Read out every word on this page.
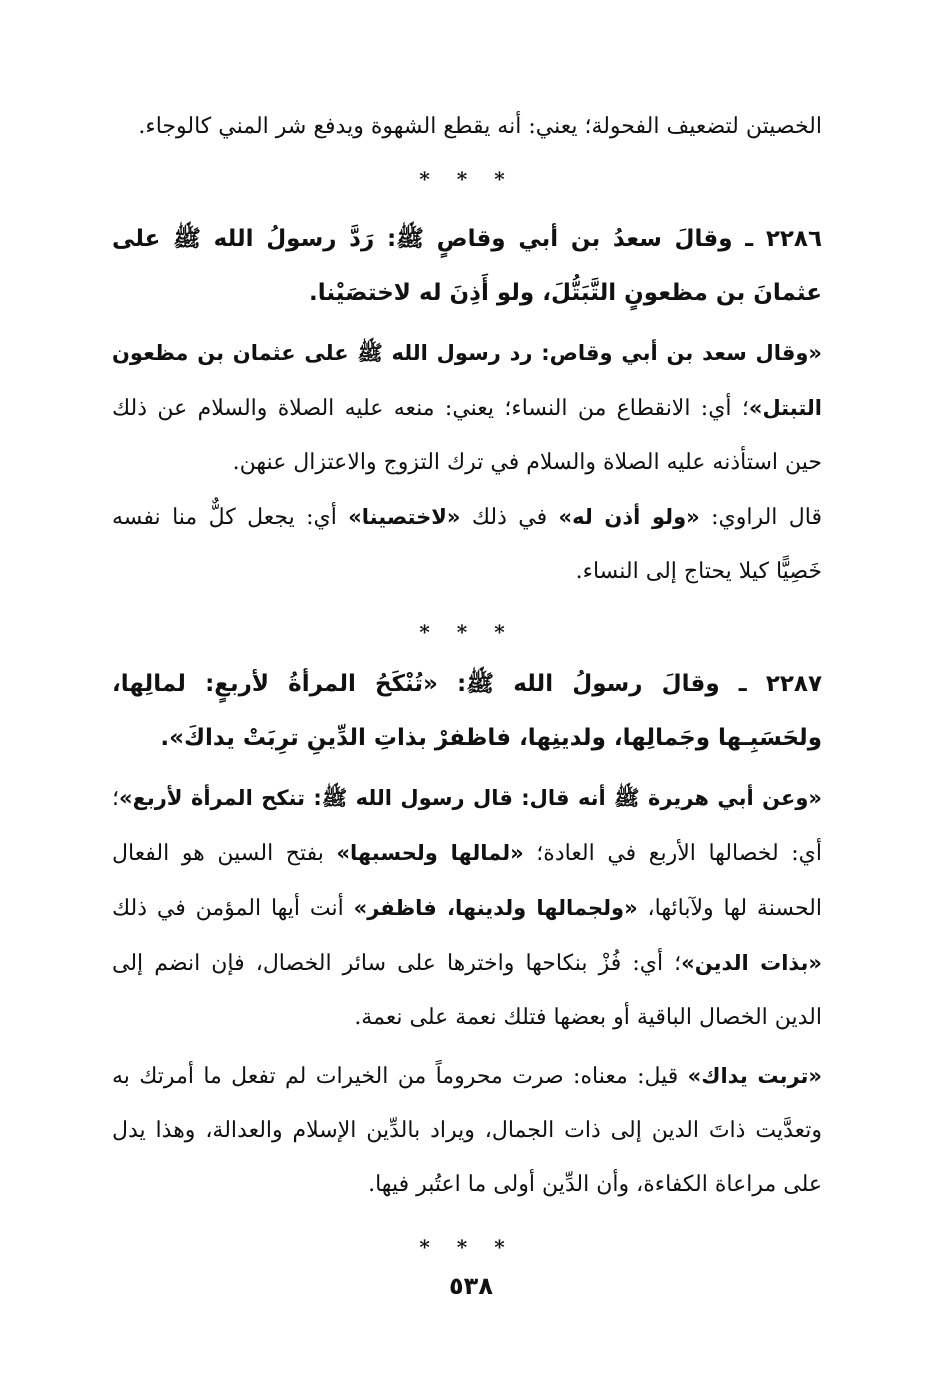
الخصيتن لتضعيف الفحولة؛ يعني: أنه يقطع الشهوة ويدفع شر المني كالوجاء.

* * *

٢٢٨٦ ـ وقالَ سعدُ بن أبي وقاصٍ ﷺ: رَدَّ رسولُ الله ﷺ على عثمانَ بن مظعونٍ التَّبَتُّلَ، ولو أَذِنَ له لاختصَيْنا.

«وقال سعد بن أبي وقاص: رد رسول الله ﷺ على عثمان بن مظعون التبتل»؛ أي: الانقطاع من النساء؛ يعني: منعه عليه الصلاة والسلام عن ذلك حين استأذنه عليه الصلاة والسلام في ترك التزوج والاعتزال عنهن.

قال الراوي: «ولو أذن له» في ذلك «لاختصينا» أي: يجعل كلٌّ منا نفسه خَصِيًّا كيلا يحتاج إلى النساء.

* * *

٢٢٨٧ ـ وقالَ رسولُ الله ﷺ: «تُنْكَحُ المرأةُ لأربعٍ: لمالِها، ولحَسَبِـها وجَمالِها، ولدينِها، فاظفرْ بذاتِ الدِّينِ ترِبَتْ يداكَ».

«وعن أبي هريرة ﷺ أنه قال: قال رسول الله ﷺ: تنكح المرأة لأربع»؛ أي: لخصالها الأربع في العادة؛ «لمالها ولحسبها» بفتح السين هو الفعال الحسنة لها ولآبائها، «ولجمالها ولدينها، فاظفر» أنت أيها المؤمن في ذلك «بذات الدين»؛ أي: فُزْ بنكاحها واخترها على سائر الخصال، فإن انضم إلى الدين الخصال الباقية أو بعضها فتلك نعمة على نعمة.

«تربت يداك» قيل: معناه: صرت محروماً من الخيرات لم تفعل ما أمرتك به وتعدَّيت ذاتَ الدين إلى ذات الجمال، ويراد بالدِّين الإسلام والعدالة، وهذا يدل على مراعاة الكفاءة، وأن الدِّين أولى ما اعتُبر فيها.

* * *

٥٣٨
